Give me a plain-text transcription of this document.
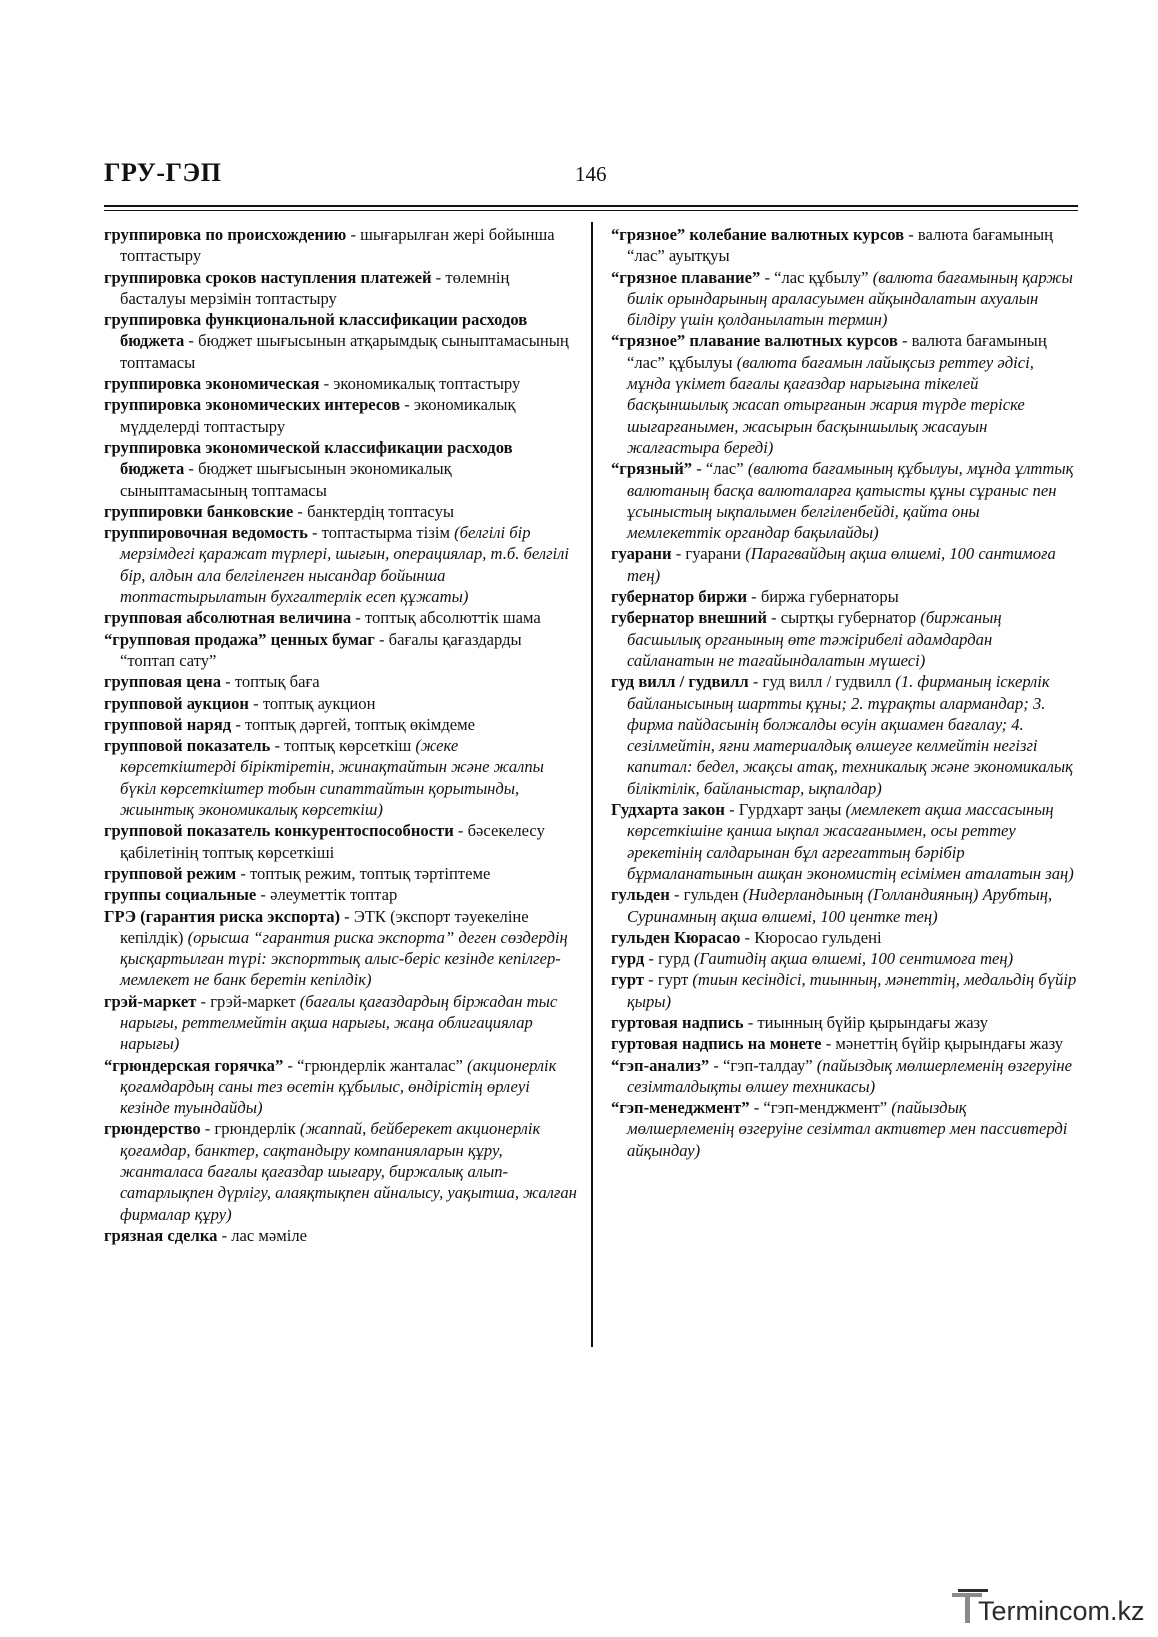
ГРУ-ГЭП	146

группировка по происхождению - шығарылған жері бойынша топтастыру

группировка сроков наступления платежей - төлемнің басталуы мерзімін топтастыру

группировка функциональной классификации расходов бюджета - бюджет шығысынын атқарымдық сыныптамасының топтамасы

группировка экономическая - экономикалық топтастыру

группировка экономических интересов - экономикалық мүдделерді топтастыру

группировка экономической классификации расходов бюджета - бюджет шығысынын экономикалық сыныптамасының топтамасы

группировки банковские - банктердің топтасуы

группировочная ведомость - топтастырма тізім (белгілі бір мерзімдегі қаражат түрлері, шығын, операциялар, т.б. белгілі бір, алдын ала белгіленген нысандар бойынша топтастырылатын бухгалтерлік есеп құжаты)

групповая абсолютная величина - топтық абсолюттік шама

“групповая продажа” ценных бумаг - бағалы қағаздарды “топтап сату”

групповая цена - топтық баға

групповой аукцион - топтық аукцион

групповой наряд - топтық дәргей, топтық өкімдеме

групповой показатель - топтық көрсеткіш (жеке көрсеткіштерді біріктіретін, жинақтайтын және жалпы бүкіл көрсеткіштер тобын сипаттайтын қорытынды, жиынтық экономикалық көрсеткіш)

групповой показатель конкурентоспособности - бәсекелесу қабілетінің топтық көрсеткіші

групповой режим - топтық режим, топтық тәртіптеме

группы социальные - әлеуметтік топтар

ГРЭ (гарантия риска экспорта) - ЭТК (экспорт тәуекеліне кепілдік) (орысша “гарантия риска экспорта” деген сөздердің қысқартылған түрі: экспорттық алыс-беріс кезінде кепілгер-мемлекет не банк беретін кепілдік)

грэй-маркет - грэй-маркет (бағалы қағаздардың біржадан тыс нарығы, реттелмейтін ақша нарығы, жаңа облигациялар нарығы)

“грюндерская горячка” - “грюндерлік жанталас” (акционерлік қоғамдардың саны тез өсетін құбылыс, өндірістің өрлеуі кезінде туындайды)

грюндерство - грюндерлік (жаппай, бейберекет акционерлік қоғамдар, банктер, сақтандыру компанияларын құру, жанталаса бағалы қағаздар шығару, биржалық алып-сатарлықпен дүрлігу, алаяқтықпен айналысу, уақытша, жалған фирмалар құру)

грязная сделка - лас мәміле

“грязное” колебание валютных курсов - валюта бағамының “лас” ауытқуы

“грязное плавание” - “лас құбылу” (валюта бағамының қаржы билік орындарының араласуымен айқындалатын ахуалын білдіру үшін қолданылатын термин)

“грязное” плавание валютных курсов - валюта бағамының “лас” құбылуы (валюта бағамын лайықсыз реттеу әдісі, мұнда үкімет бағалы қағаздар нарығына тікелей басқыншылық жасап отырғанын жария түрде теріске шығарғанымен, жасырын басқыншылық жасауын жалғастыра береді)

“грязный” - “лас” (валюта бағамының құбылуы, мұнда ұлттық валютаның басқа валюталарға қатысты құны сұраныс пен ұсыныстың ықпалымен белгіленбейді, қайта оны мемлекеттік органдар бақылайды)

гуарани - гуарани (Парагвайдың ақша өлшемі, 100 сантимоға тең)

губернатор биржи - биржа губернаторы

губернатор внешний - сыртқы губернатор (биржаның басшылық органының өте тәжірибелі адамдардан сайланатын не тағайындалатын мүшесі)

гуд вилл / гудвилл - гуд вилл / гудвилл (1. фирманың іскерлік байланысының шартты құны; 2. тұрақты алармандар; 3. фирма пайдасынің болжалды өсуін ақшамен бағалау; 4. сезілмейтін, яғни материалдық өлшеуге келмейтін негізгі капитал: бедел, жақсы атақ, техникалық және экономикалық біліктілік, байланыстар, ықпалдар)

Гудхарта закон - Гурдхарт заңы (мемлекет ақша массасының көрсеткішіне қанша ықпал жасағанымен, осы реттеу әрекетінің салдарынан бұл агрегаттың бәрібір бұрмаланатынын ашқан экономистің есімімен аталатын заң)

гульден - гульден (Нидерландының (Голландияның) Арубтың, Суринамның ақша өлшемі, 100 центке тең)

гульден Кюрасао - Кюросао гульдені

гурд - гурд (Гаитидің ақша өлшемі, 100 сентимоға тең)

гурт - гурт (тиын кесіндісі, тиынның, мәнеттің, медальдің бүйір қыры)

гуртовая надпись - тиынның бүйір қырындағы жазу

гуртовая надпись на монете - мәнеттің бүйір қырындағы жазу

“гэп-анализ” - “гэп-талдау” (пайыздық мөлшерлеменің өзгеруіне сезімталдықты өлшеу техникасы)

“гэп-менеджмент” - “гэп-менджмент” (пайыздық мөлшерлеменің өзгеруіне сезімтал активтер мен пассивтерді айқындау)

Termincom.kz
